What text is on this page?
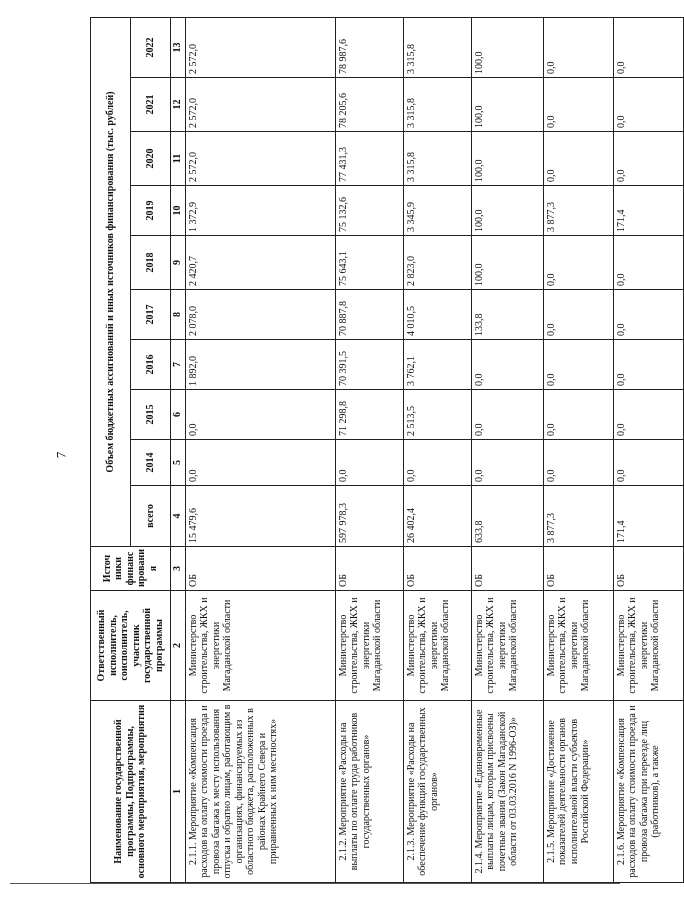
7
Наименование государственной программы, Подпрограммы, основного мероприятия, мероприятия	Ответственный исполнитель, соисполнитель, участник государственной программы	Источ ники финанс ировани я	Объем бюджетных ассигнований и иных источников финансирования (тыс. рублей)									
			всего	2014	2015	2016	2017	2018	2019	2020	2021	2022
1	2	3	4	5	6	7	8	9	10	11	12	13
2.1.1. Мероприятие «Компенсация расходов на оплату стоимости проезда и провоза багажа к месту использования отпуска и обратно лицам, работающим в организациях, финансируемых из областного бюджета, расположенных в районах Крайнего Севера и приравненных к ним местностях»	Министерство строительства, ЖКХ и энергетики Магаданской области	ОБ	15 479,6	0,0	0,0	1 892,0	2 078,0	2 420,7	1 372,9	2 572,0	2 572,0	2 572,0
2.1.2. Мероприятие «Расходы на выплаты по оплате труда работников государственных органов»	Министерство строительства, ЖКХ и энергетики Магаданской области	ОБ	597 978,3	0,0	71 298,8	70 391,5	70 887,8	75 643,1	75 132,6	77 431,3	78 205,6	78 987,6
2.1.3. Мероприятие «Расходы на обеспечение функций государственных органов»	Министерство строительства, ЖКХ и энергетики Магаданской области	ОБ	26 402,4	0,0	2 513,5	3 762,1	4 010,5	2 823,0	3 345,9	3 315,8	3 315,8	3 315,8
2.1.4. Мероприятие «Единовременные выплаты лицам, которым присвоены почетные звания (Закон Магаданской области от 03.03.2016 N 1996-ОЗ)»	Министерство строительства, ЖКХ и энергетики Магаданской области	ОБ	633,8	0,0	0,0	0,0	133,8	100,0	100,0	100,0	100,0	100,0
2.1.5. Мероприятие «Достижение показателей деятельности органов исполнительной власти субъектов Российской Федерации»	Министерство строительства, ЖКХ и энергетики Магаданской области	ОБ	3 877,3	0,0	0,0	0,0	0,0	0,0	3 877,3	0,0	0,0	0,0
2.1.6. Мероприятие «Компенсация расходов на оплату стоимости проезда и провоза багажа при переезде лиц (работников), а также	Министерство строительства, ЖКХ и энергетики Магаданской области	ОБ	171,4	0,0	0,0	0,0	0,0	0,0	171,4	0,0	0,0	0,0
